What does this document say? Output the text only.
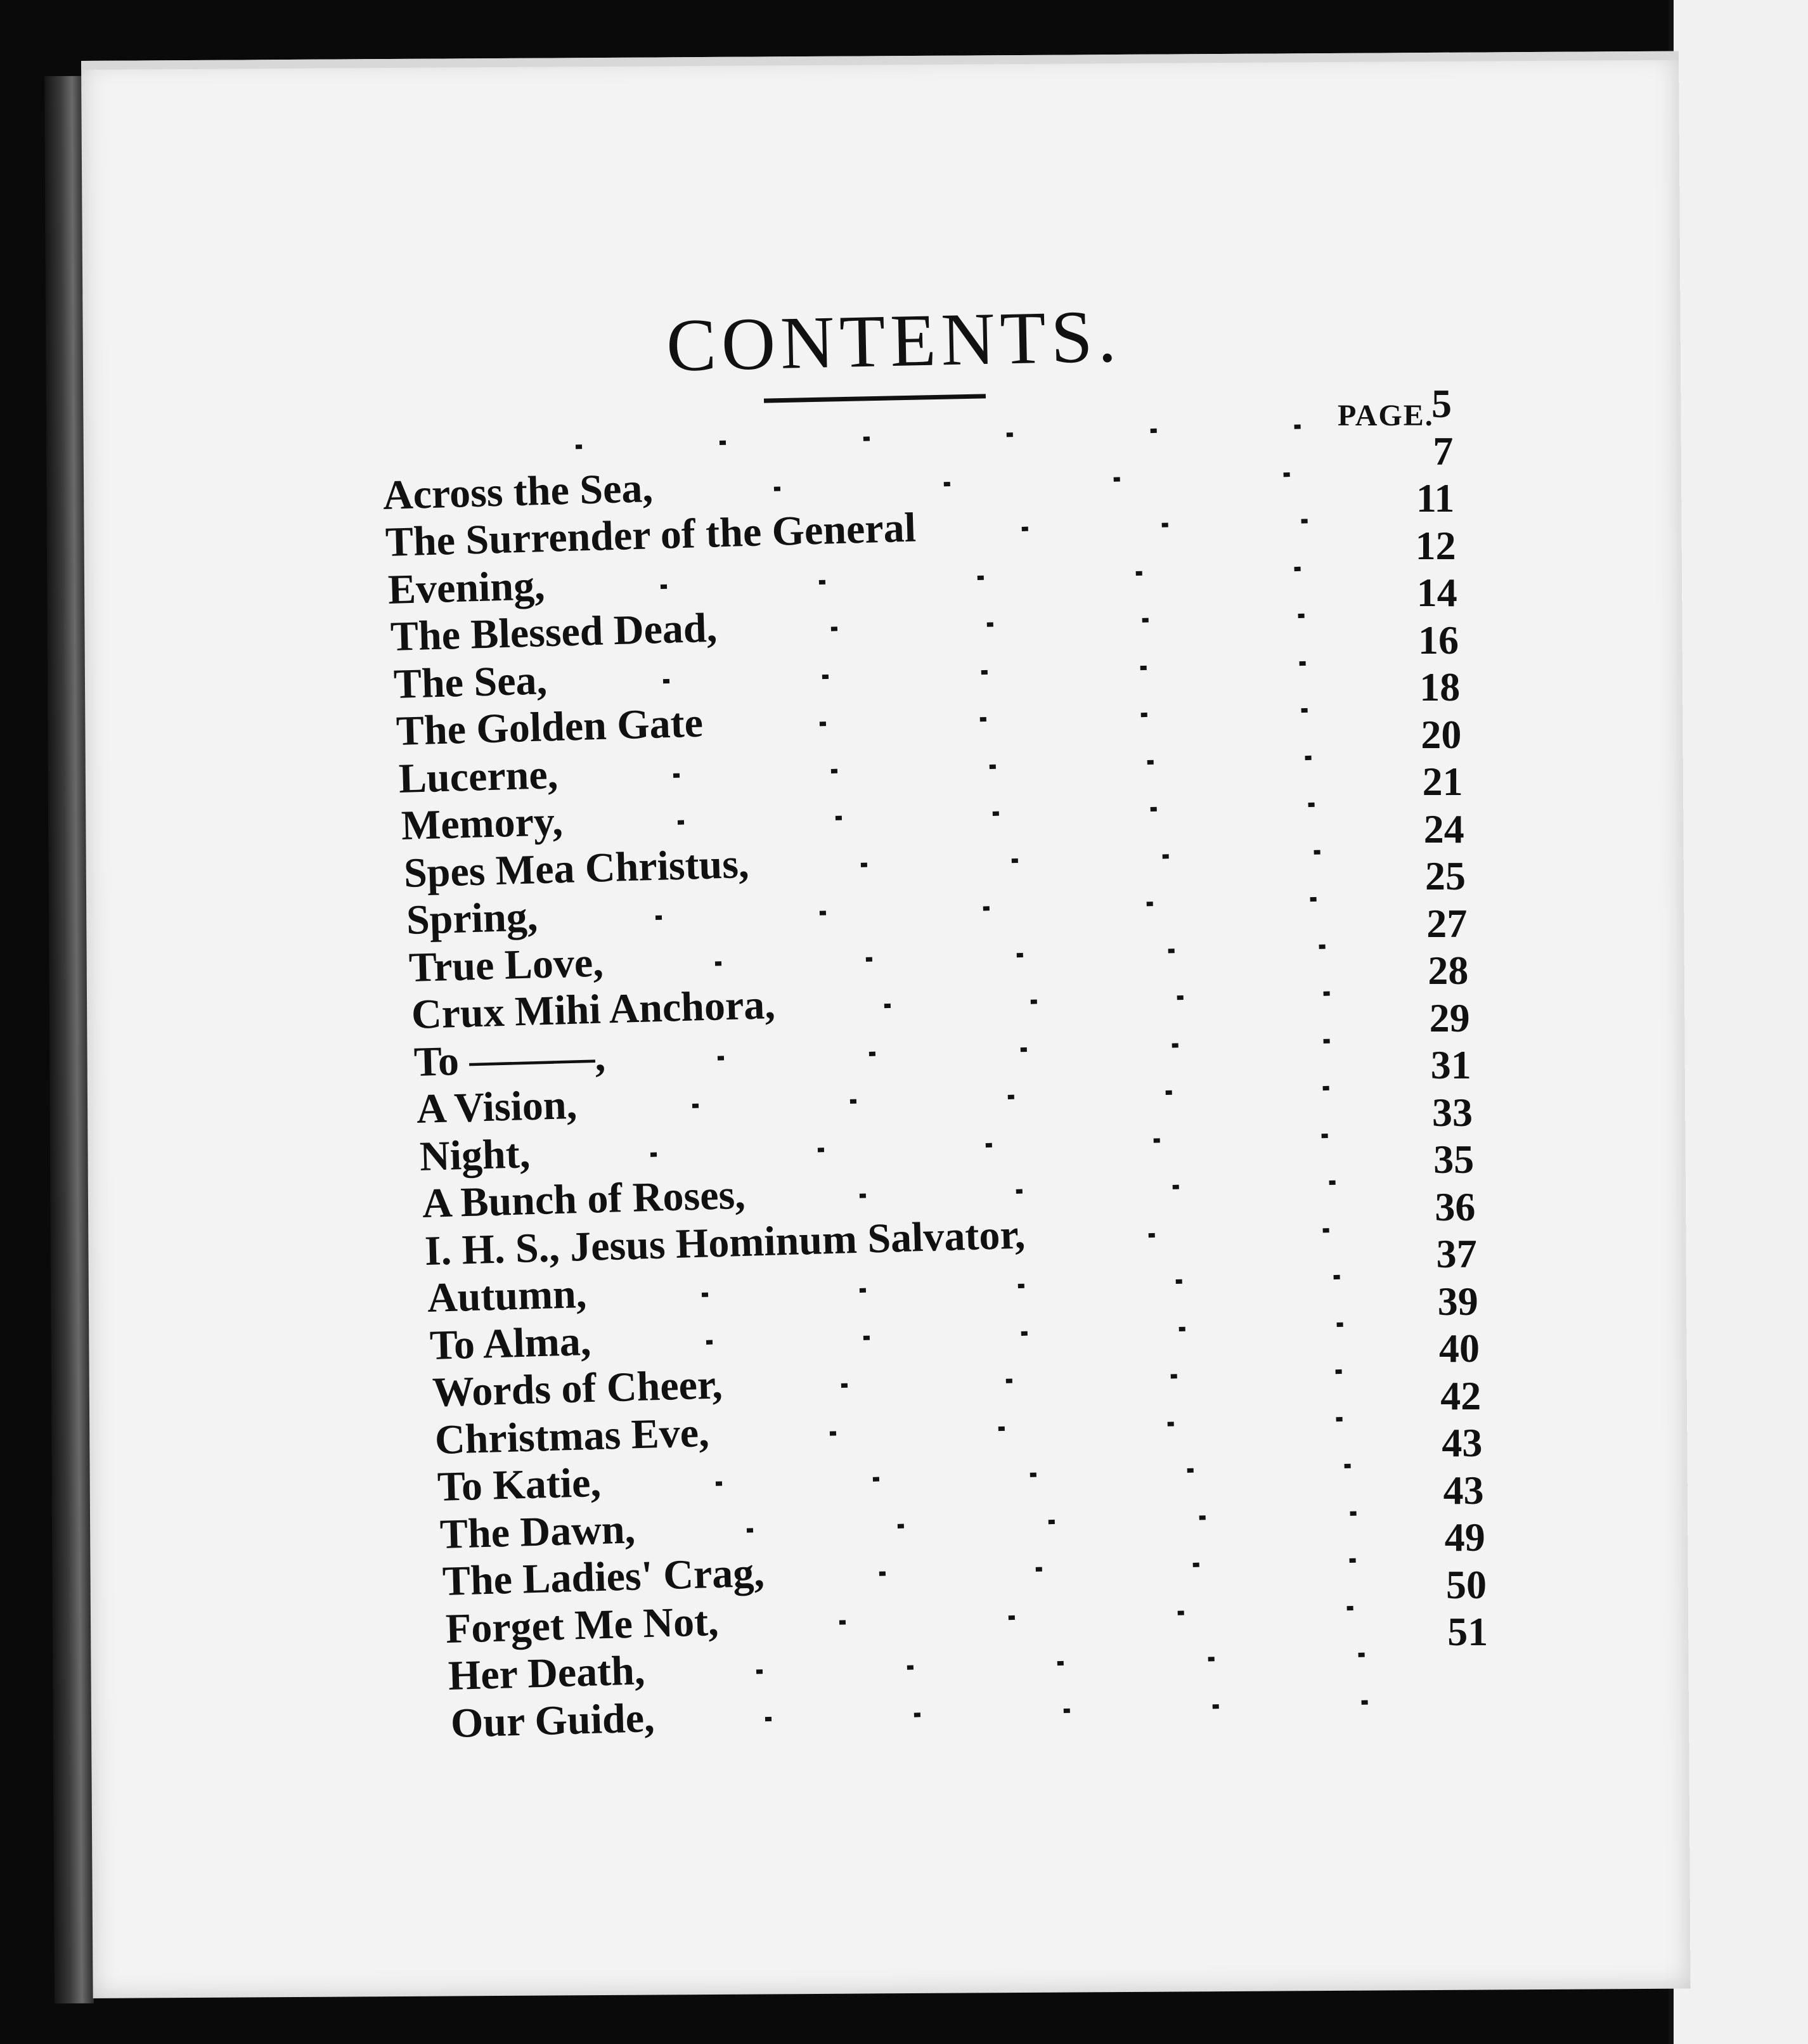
CONTENTS.
PAGE.
5
Across the Sea,
7
The Surrender of the General
11
Evening,
12
The Blessed Dead,
14
The Sea,
16
The Golden Gate
18
Lucerne,
20
Memory,
21
Spes Mea Christus,
24
Spring,
25
True Love,
27
Crux Mihi Anchora,
28
To ———,
29
A Vision,
31
Night,
33
A Bunch of Roses,
35
I. H. S., Jesus Hominum Salvator,
36
Autumn,
37
To Alma,
39
Words of Cheer,
40
Christmas Eve,
42
To Katie,
43
The Dawn,
43
The Ladies' Crag,
49
Forget Me Not,
50
Her Death,
51
Our Guide,
